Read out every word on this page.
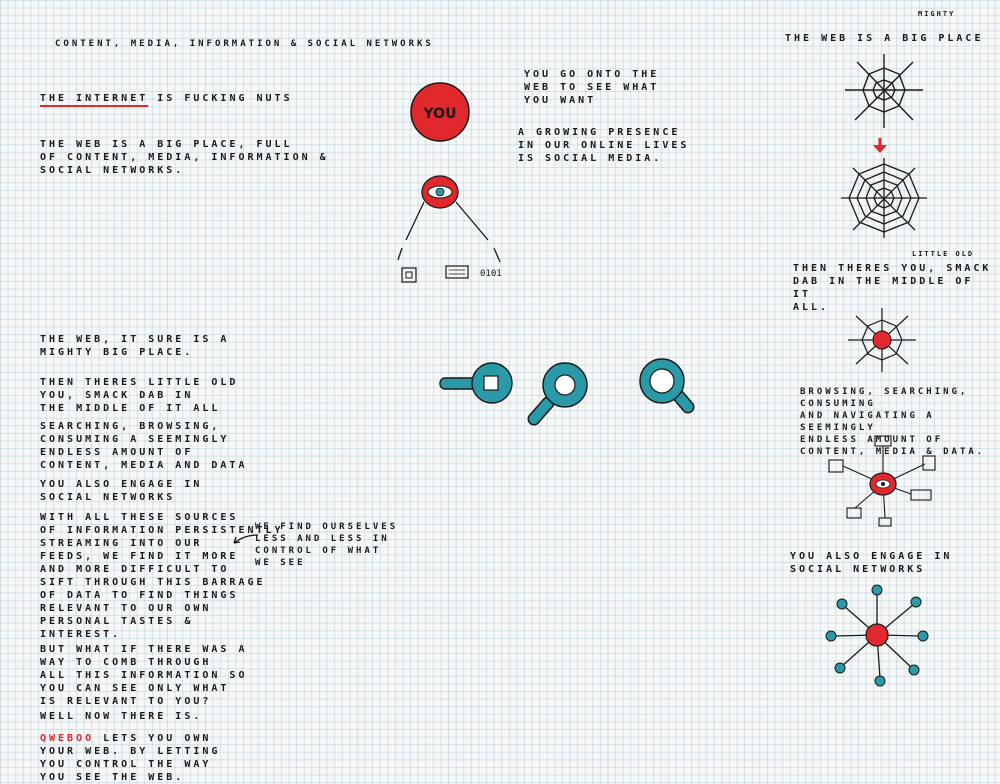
CONTENT, MEDIA, INFORMATION & SOCIAL NETWORKS

THE INTERNET IS FUCKING NUTS

THE WEB IS A BIG PLACE, FULL
OF CONTENT, MEDIA, INFORMATION &
SOCIAL NETWORKS.

THE WEB, IT SURE IS A
MIGHTY BIG PLACE.

THEN THERES LITTLE OLD
YOU, SMACK DAB IN
THE MIDDLE OF IT ALL

SEARCHING, BROWSING,
CONSUMING A SEEMINGLY
ENDLESS AMOUNT OF
CONTENT, MEDIA AND DATA

YOU ALSO ENGAGE IN
SOCIAL NETWORKS

WITH ALL THESE SOURCES
OF INFORMATION PERSISTENTLY
STREAMING INTO OUR
FEEDS, WE FIND IT MORE
AND MORE DIFFICULT TO
SIFT THROUGH THIS BARRAGE
OF DATA TO FIND THINGS
RELEVANT TO OUR OWN
PERSONAL TASTES &
INTEREST.

BUT WHAT IF THERE WAS A
WAY TO COMB THROUGH
ALL THIS INFORMATION SO
YOU CAN SEE ONLY WHAT
IS RELEVANT TO YOU?

WELL NOW THERE IS.

QWEBOO LETS YOU OWN
YOUR WEB. BY LETTING
YOU CONTROL THE WAY
YOU SEE THE WEB.

WE FIND OURSELVES
LESS AND LESS IN
CONTROL OF WHAT
WE SEE

YOU
0101

YOU GO ONTO THE
WEB TO SEE WHAT
YOU WANT

A GROWING PRESENCE
IN OUR ONLINE LIVES
IS SOCIAL MEDIA.

THE WEB IS A BIG PLACE

MIGHTY

THEN THERES YOU, SMACK
DAB IN THE MIDDLE OF IT
ALL.

LITTLE OLD

BROWSING, SEARCHING, CONSUMING
AND NAVIGATING A SEEMINGLY
ENDLESS AMOUNT OF
CONTENT, MEDIA & DATA.

YOU ALSO ENGAGE IN
SOCIAL NETWORKS
